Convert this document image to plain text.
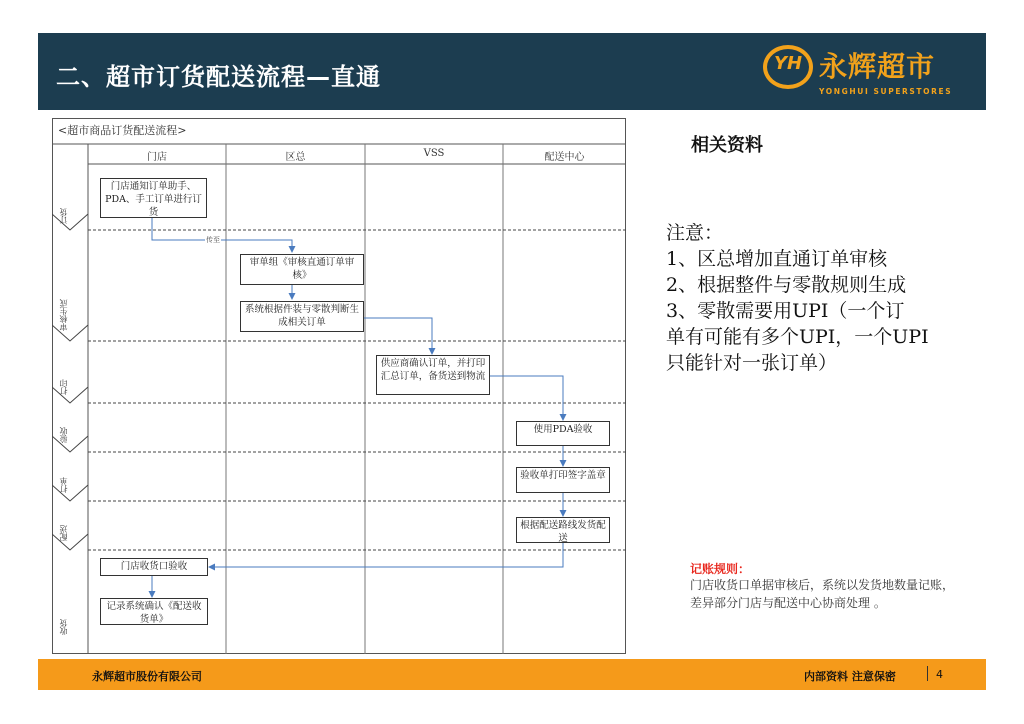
二、超市订货配送流程—直通	YH 永辉超市
YONGHUI SUPERSTORES
<超市商品订货配送流程>
门店	区总	VSS	配送中心
订货
审核生成
打印
验收
打单
配送
收货
传至
门店通知订单助手、PDA、手工订单进行订货
审单组《审核直通订单审核》
系统根据件装与零散判断生成相关订单
供应商确认订单，并打印汇总订单，备货送到物流
使用PDA验收
验收单打印签字盖章
根据配送路线发货配送
门店收货口验收
记录系统确认《配送收货单》
相关资料
注意：
1、区总增加直通订单审核
2、根据整件与零散规则生成
3、零散需要用UPI（一个订
单有可能有多个UPI，一个UPI
只能针对一张订单）
记账规则：
门店收货口单据审核后，系统以发货地数量记账，差异部分门店与配送中心协商处理 。
永辉超市股份有限公司	内部资料 注意保密	4
